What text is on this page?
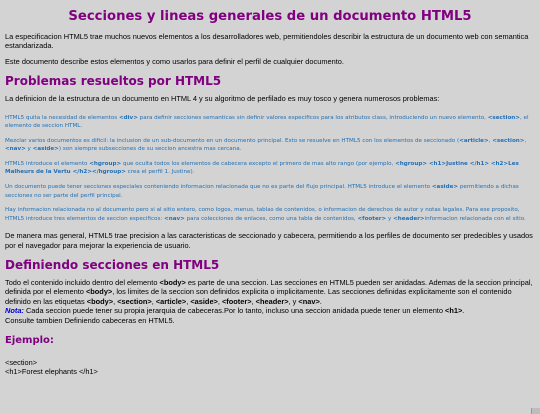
Secciones y lineas generales de un documento HTML5

La especificacion HTML5 trae muchos nuevos elementos a los desarrolladores web, permitiendoles describir la estructura de un documento web con semantica estandarizada.

Este documento describe estos elementos y como usarlos para definir el perfil de cualquier documento.

Problemas resueltos por HTML5

La definicion de la estructura de un documento en HTML 4 y su algoritmo de perfilado es muy tosco y genera numerosos problemas:

HTML5 quita la necesidad de elementos <div> para definir secciones semanticas sin definir valores especificos para los atributos class, introduciendo un nuevo elemento, <section>, el elemento de seccion HTML.

Mezclar varios documentos es dificil: la inclusion de un sub-documento en un documento principal. Esto se resuelve en HTML5 con los elementos de seccionado (<article>, <section>, <nav> y <aside>) son siempre subsecciones de su seccion ancestra mas cercana.

HTML5 introduce el elemento <hgroup> que oculta todos los elementos de cabecera excepto el primero de mas alto rango (por ejemplo, <hgroup> <h1>Justine </h1> <h2>Les Malheurs de la Vertu </h2></hgroup> crea el perfil 1. Justine).

Un documento puede tener secciones especiales conteniendo informacion relacionada que no es parte del flujo principal. HTML5 introduce el elemento <aside> permitiendo a dichas secciones no ser parte del perfil principal.

Hay informacion relacionada no al documento pero si al sitio entero, como logos, menus, tablas de contenidos, o informacion de derechos de autor y notas legales. Para ese proposito, HTML5 introduce tres elementos de seccion especificos: <nav> para colecciones de enlaces, como una tabla de contenidos, <footer> y <header>informacion relacionada con el sitio.

De manera mas general, HTML5 trae precision a las caracteristicas de seccionado y cabecera, permitiendo a los perfiles de documento ser predecibles y usados por el navegador para mejorar la experiencia de usuario.

Definiendo secciones en HTML5

Todo el contenido incluido dentro del elemento <body> es parte de una seccion. Las secciones en HTML5 pueden ser anidadas. Ademas de la seccion principal, definida por el elemento <body>, los limites de la seccion son definidos explicita o implicitamente. Las secciones definidas explicitamente son el contenido definido en las etiquetas <body>, <section>, <article>, <aside>, <footer>, <header>, y <nav>.

Nota: Cada seccion puede tener su propia jerarquia de cabeceras.Por lo tanto, incluso una seccion anidada puede tener un elemento <h1>.

Consulte tambien Definiendo cabeceras en HTML5.

Ejemplo:

<section>

<h1>Forest elephants </h1>
